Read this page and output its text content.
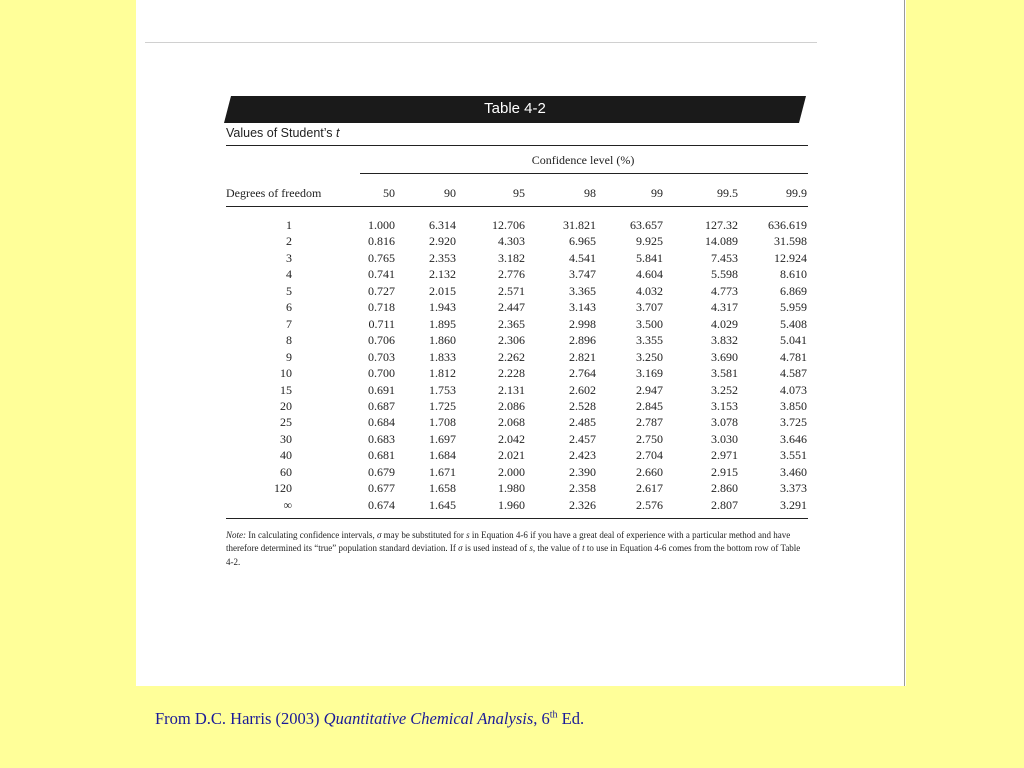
Table 4-2
Values of Student’s t
Confidence level (%)
Degrees of freedom	50	90	95	98	99	99.5	99.9
1	1.000	6.314	12.706	31.821	63.657	127.32	636.619
2	0.816	2.920	4.303	6.965	9.925	14.089	31.598
3	0.765	2.353	3.182	4.541	5.841	7.453	12.924
4	0.741	2.132	2.776	3.747	4.604	5.598	8.610
5	0.727	2.015	2.571	3.365	4.032	4.773	6.869
6	0.718	1.943	2.447	3.143	3.707	4.317	5.959
7	0.711	1.895	2.365	2.998	3.500	4.029	5.408
8	0.706	1.860	2.306	2.896	3.355	3.832	5.041
9	0.703	1.833	2.262	2.821	3.250	3.690	4.781
10	0.700	1.812	2.228	2.764	3.169	3.581	4.587
15	0.691	1.753	2.131	2.602	2.947	3.252	4.073
20	0.687	1.725	2.086	2.528	2.845	3.153	3.850
25	0.684	1.708	2.068	2.485	2.787	3.078	3.725
30	0.683	1.697	2.042	2.457	2.750	3.030	3.646
40	0.681	1.684	2.021	2.423	2.704	2.971	3.551
60	0.679	1.671	2.000	2.390	2.660	2.915	3.460
120	0.677	1.658	1.980	2.358	2.617	2.860	3.373
∞	0.674	1.645	1.960	2.326	2.576	2.807	3.291
Note: In calculating confidence intervals, σ may be substituted for s in Equation 4-6 if you have a great deal of experience with a particular method and have therefore determined its “true” population standard deviation. If σ is used instead of s, the value of t to use in Equation 4-6 comes from the bottom row of Table 4-2.
From D.C. Harris (2003) Quantitative Chemical Analysis, 6th Ed.
